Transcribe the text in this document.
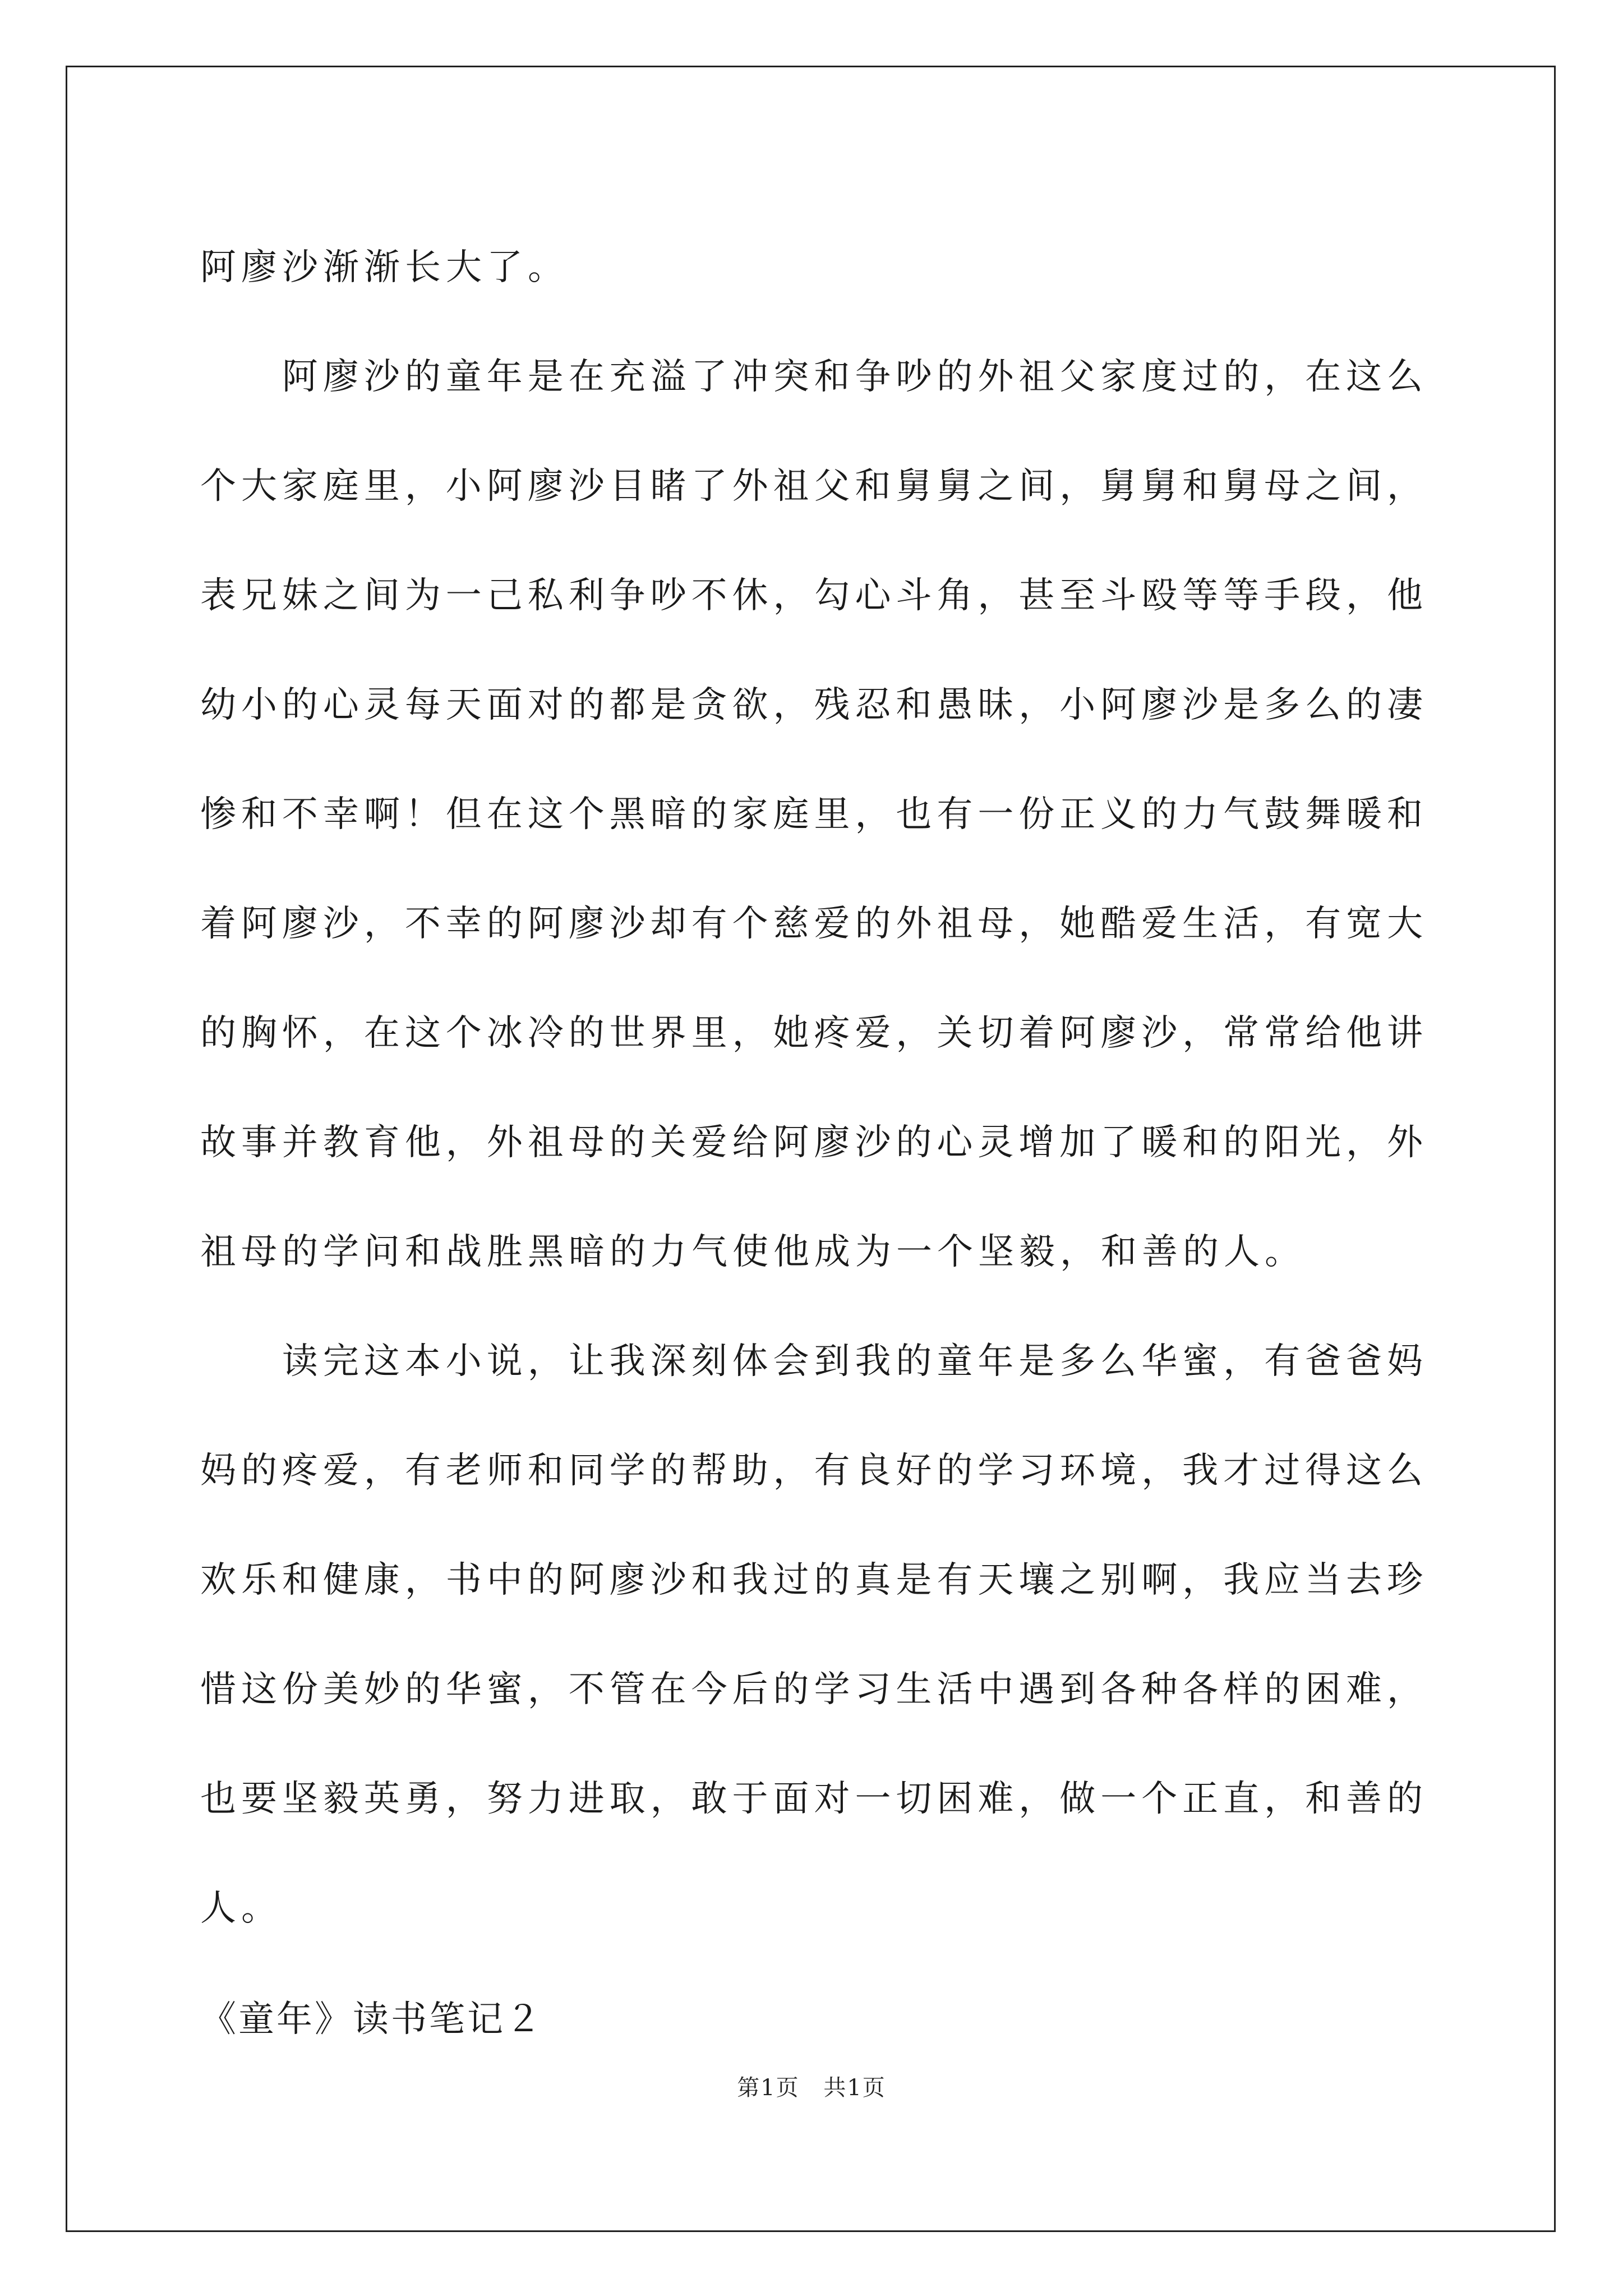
阿廖沙渐渐长大了。
　　阿廖沙的童年是在充溢了冲突和争吵的外祖父家度过的，在这么
个大家庭里，小阿廖沙目睹了外祖父和舅舅之间，舅舅和舅母之间，
表兄妹之间为一己私利争吵不休，勾心斗角，甚至斗殴等等手段，他
幼小的心灵每天面对的都是贪欲，残忍和愚昧，小阿廖沙是多么的凄
惨和不幸啊！但在这个黑暗的家庭里，也有一份正义的力气鼓舞暖和
着阿廖沙，不幸的阿廖沙却有个慈爱的外祖母，她酷爱生活，有宽大
的胸怀，在这个冰冷的世界里，她疼爱，关切着阿廖沙，常常给他讲
故事并教育他，外祖母的关爱给阿廖沙的心灵增加了暖和的阳光，外
祖母的学问和战胜黑暗的力气使他成为一个坚毅，和善的人。
　　读完这本小说，让我深刻体会到我的童年是多么华蜜，有爸爸妈
妈的疼爱，有老师和同学的帮助，有良好的学习环境，我才过得这么
欢乐和健康，书中的阿廖沙和我过的真是有天壤之别啊，我应当去珍
惜这份美妙的华蜜，不管在今后的学习生活中遇到各种各样的困难，
也要坚毅英勇，努力进取，敢于面对一切困难，做一个正直，和善的
人。
《童年》读书笔记２
第1页 共1页
